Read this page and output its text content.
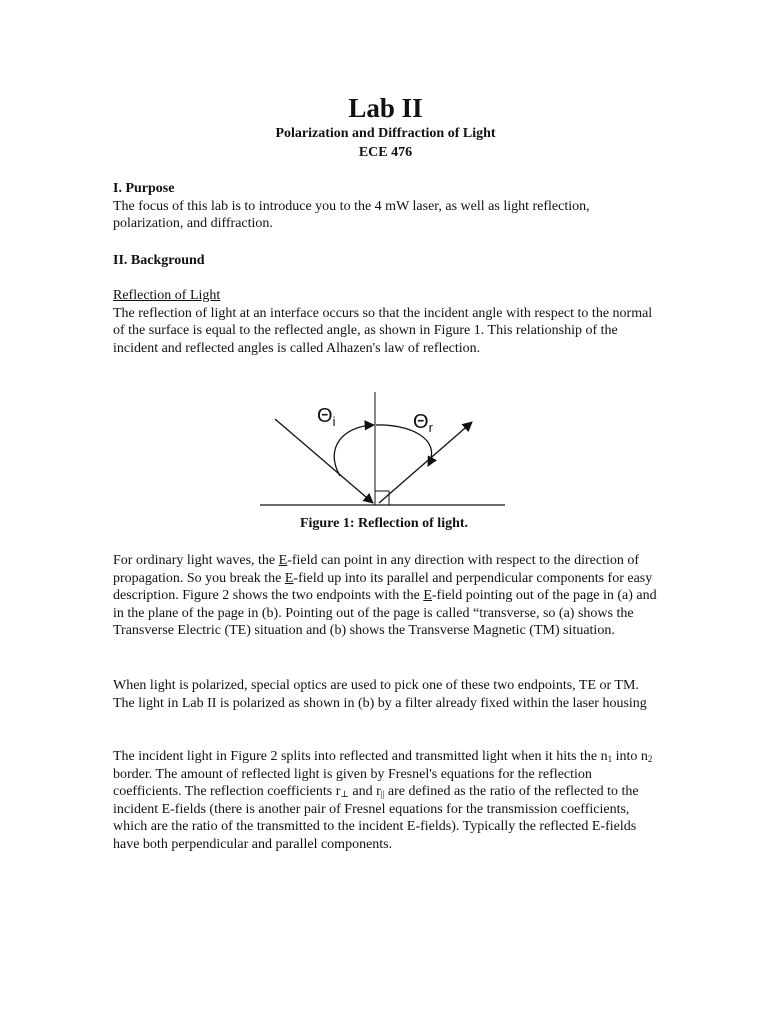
Lab II
Polarization and Diffraction of Light
ECE 476
I. Purpose
The focus of this lab is to introduce you to the 4 mW laser, as well as light reflection, polarization, and diffraction.
II. Background
Reflection of Light
The reflection of light at an interface occurs so that the incident angle with respect to the normal of the surface is equal to the reflected angle, as shown in Figure 1. This relationship of the incident and reflected angles is called Alhazen's law of reflection.
For ordinary light waves, the E-field can point in any direction with respect to the direction of propagation. So you break the E-field up into its parallel and perpendicular components for easy description. Figure 2 shows the two endpoints with the E-field pointing out of the page in (a) and in the plane of the page in (b). Pointing out of the page is called “transverse, so (a) shows the Transverse Electric (TE) situation and (b) shows the Transverse Magnetic (TM) situation.
When light is polarized, special optics are used to pick one of these two endpoints, TE or TM. The light in Lab II is polarized as shown in (b) by a filter already fixed within the laser housing
The incident light in Figure 2 splits into reflected and transmitted light when it hits the $n_1$ into $n_2$ border. The amount of reflected light is given by Fresnel's equations for the reflection coefficients. The reflection coefficients $r_\perp$ and $r_{||}$ are defined as the ratio of the reflected to the incident E-fields (there is another pair of Fresnel equations for the transmission coefficients, which are the ratio of the transmitted to the incident E-fields). Typically the reflected E-fields have both perpendicular and parallel components.
$\Theta_i$	$\Theta_r$
Figure 1: Reflection of light.
